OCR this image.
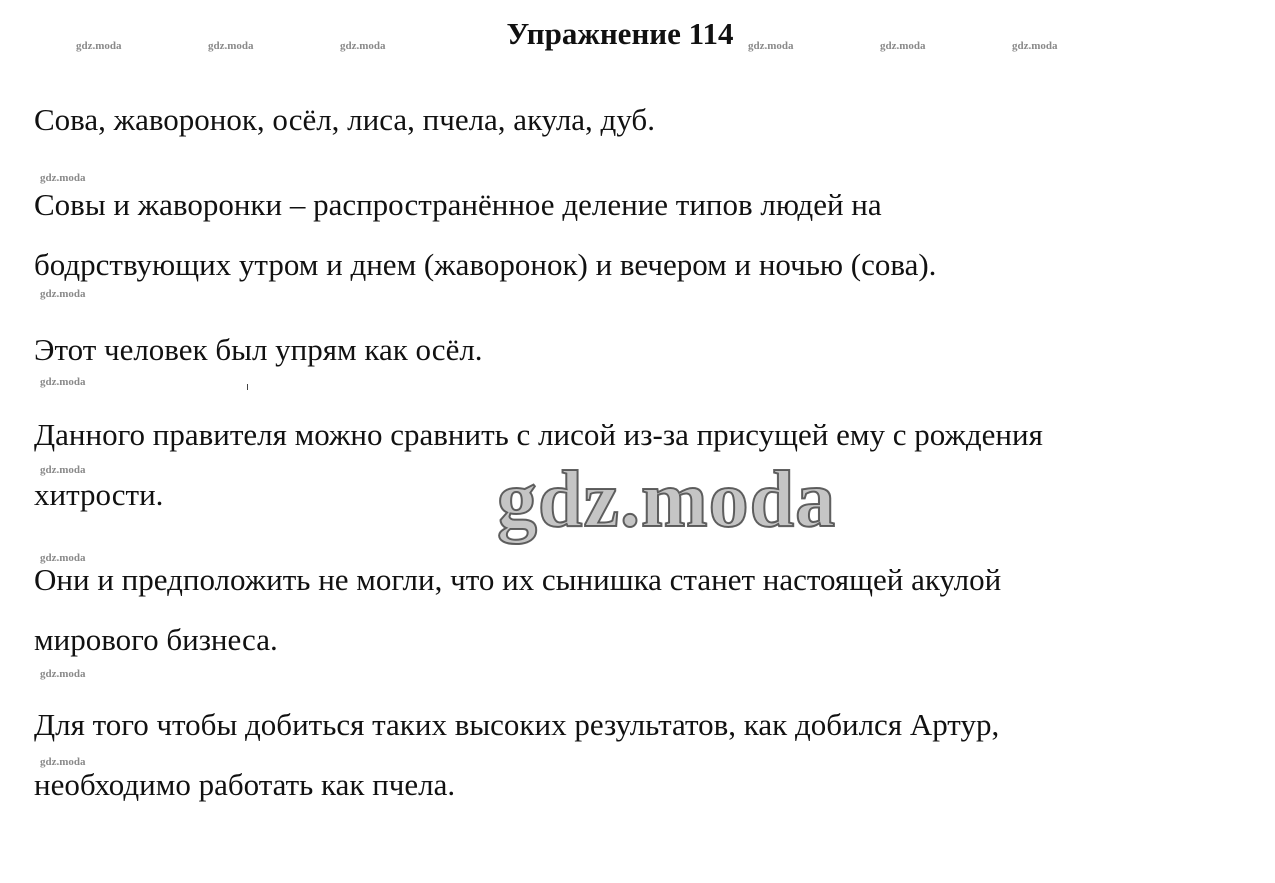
Упражнение 114
gdz.moda	gdz.moda	gdz.moda	gdz.moda	gdz.moda	gdz.moda
gdz.moda
gdz.moda
gdz.moda
gdz.moda
gdz.moda
gdz.moda
gdz.moda

Сова, жаворонок, осёл, лиса, пчела, акула, дуб.

Совы и жаворонки – распространённое деление типов людей на

бодрствующих утром и днем (жаворонок) и вечером и ночью (сова).

Этот человек был упрям как осёл.

Данного правителя можно сравнить с лисой из-за присущей ему с рождения

хитрости.

Они и предположить не могли, что их сынишка станет настоящей акулой

мирового бизнеса.

Для того чтобы добиться таких высоких результатов, как добился Артур,

необходимо работать как пчела.

gdz.moda
